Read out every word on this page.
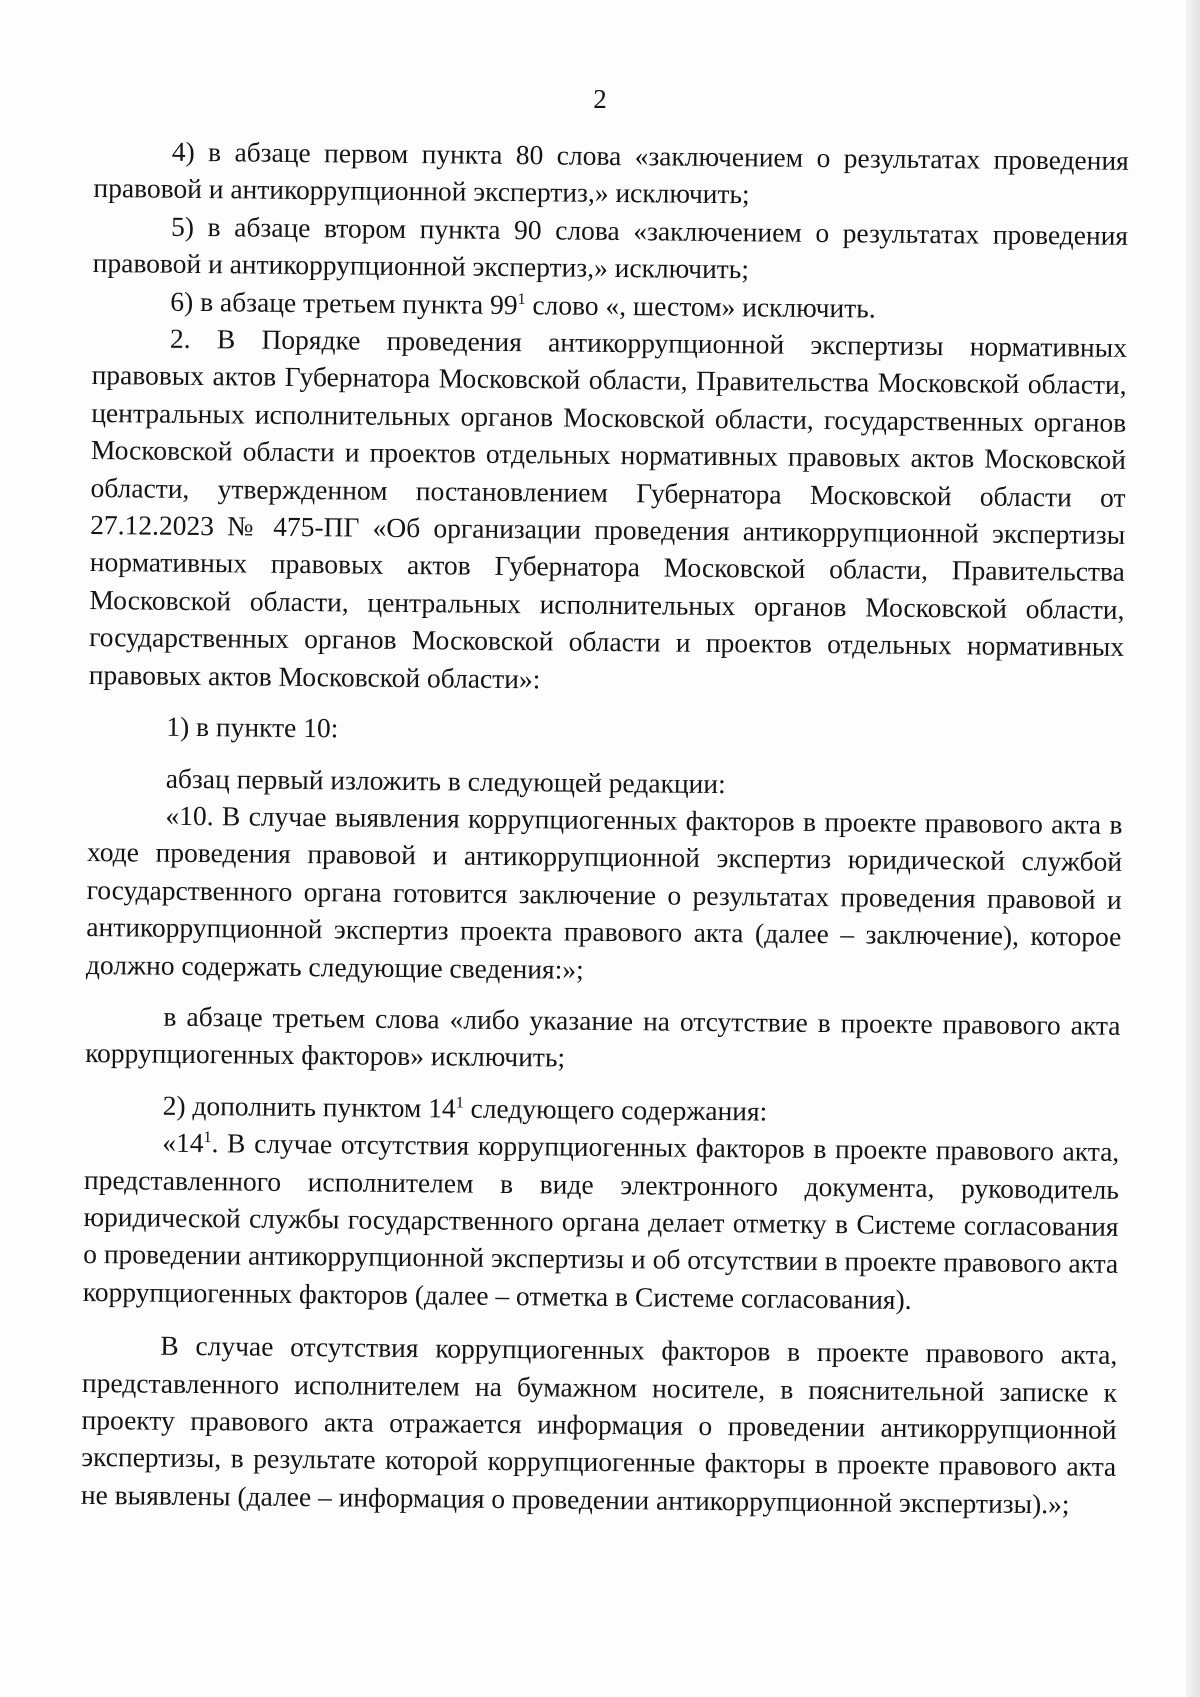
2

4) в абзаце первом пункта 80 слова «заключением о результатах проведения правовой и антикоррупционной экспертиз,» исключить;

5) в абзаце втором пункта 90 слова «заключением о результатах проведения правовой и антикоррупционной экспертиз,» исключить;

6) в абзаце третьем пункта $99^1$ слово «, шестом» исключить.

2. В Порядке проведения антикоррупционной экспертизы нормативных правовых актов Губернатора Московской области, Правительства Московской области, центральных исполнительных органов Московской области, государственных органов Московской области и проектов отдельных нормативных правовых актов Московской области, утвержденном постановлением Губернатора Московской области от 27.12.2023 № 475-ПГ «Об организации проведения антикоррупционной экспертизы нормативных правовых актов Губернатора Московской области, Правительства Московской области, центральных исполнительных органов Московской области, государственных органов Московской области и проектов отдельных нормативных правовых актов Московской области»:

1) в пункте 10:

абзац первый изложить в следующей редакции:

«10. В случае выявления коррупциогенных факторов в проекте правового акта в ходе проведения правовой и антикоррупционной экспертиз юридической службой государственного органа готовится заключение о результатах проведения правовой и антикоррупционной экспертиз проекта правового акта (далее – заключение), которое должно содержать следующие сведения:»;

в абзаце третьем слова «либо указание на отсутствие в проекте правового акта коррупциогенных факторов» исключить;

2) дополнить пунктом $14^1$ следующего содержания:

«$14^1$. В случае отсутствия коррупциогенных факторов в проекте правового акта, представленного исполнителем в виде электронного документа, руководитель юридической службы государственного органа делает отметку в Системе согласования о проведении антикоррупционной экспертизы и об отсутствии в проекте правового акта коррупциогенных факторов (далее – отметка в Системе согласования).

В случае отсутствия коррупциогенных факторов в проекте правового акта, представленного исполнителем на бумажном носителе, в пояснительной записке к проекту правового акта отражается информация о проведении антикоррупционной экспертизы, в результате которой коррупциогенные факторы в проекте правового акта не выявлены (далее – информация о проведении антикоррупционной экспертизы).»;
